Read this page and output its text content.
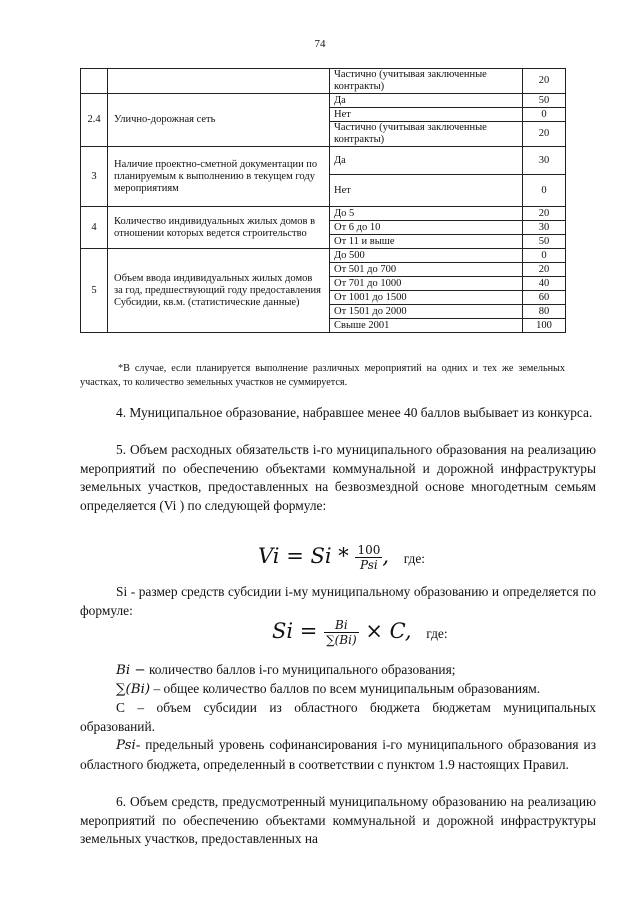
74
		Частично (учитывая заключенные контракты)	20
2.4	Улично-дорожная сеть	Да	50
		Нет	0
		Частично (учитывая заключенные контракты)	20
3	Наличие проектно-сметной документации по планируемым к выполнению в текущем году мероприятиям	Да	30
		Нет	0
4	Количество индивидуальных жилых домов в отношении которых ведется строительство	До 5	20
		От 6 до 10	30
		От 11 и выше	50
5	Объем ввода индивидуальных жилых домов за год, предшествующий году предоставления Субсидии, кв.м. (статистические данные)	До 500	0
		От 501 до 700	20
		От 701 до 1000	40
		От 1001 до 1500	60
		От 1501 до 2000	80
		Свыше 2001	100
*В случае, если планируется выполнение различных мероприятий на одних и тех же земельных участках, то количество земельных участков не суммируется.

4. Муниципальное образование, набравшее менее 40 баллов выбывает из конкурса.

5. Объем расходных обязательств i-го муниципального образования на реализацию мероприятий по обеспечению объектами коммунальной и дорожной инфраструктуры земельных участков, предоставленных на безвозмездной основе многодетным семьям определяется (Vi ) по следующей формуле:

$Vi = Si * \frac{100}{\text{Psi}}$ , где:

Si - размер средств субсидии i-му муниципальному образованию и определяется по формуле:

$Si = \frac{Bi}{\sum(Bi)} \times C$, где:

Bi − количество баллов i-го муниципального образования;

∑(Bi) – общее количество баллов по всем муниципальным образованиям.

C – объем субсидии из областного бюджета бюджетам муниципальных образований.

Psi- предельный уровень софинансирования i-го муниципального образования из областного бюджета, определенный в соответствии с пунктом 1.9 настоящих Правил.

6. Объем средств, предусмотренный муниципальному образованию на реализацию мероприятий по обеспечению объектами коммунальной и дорожной инфраструктуры земельных участков, предоставленных на
